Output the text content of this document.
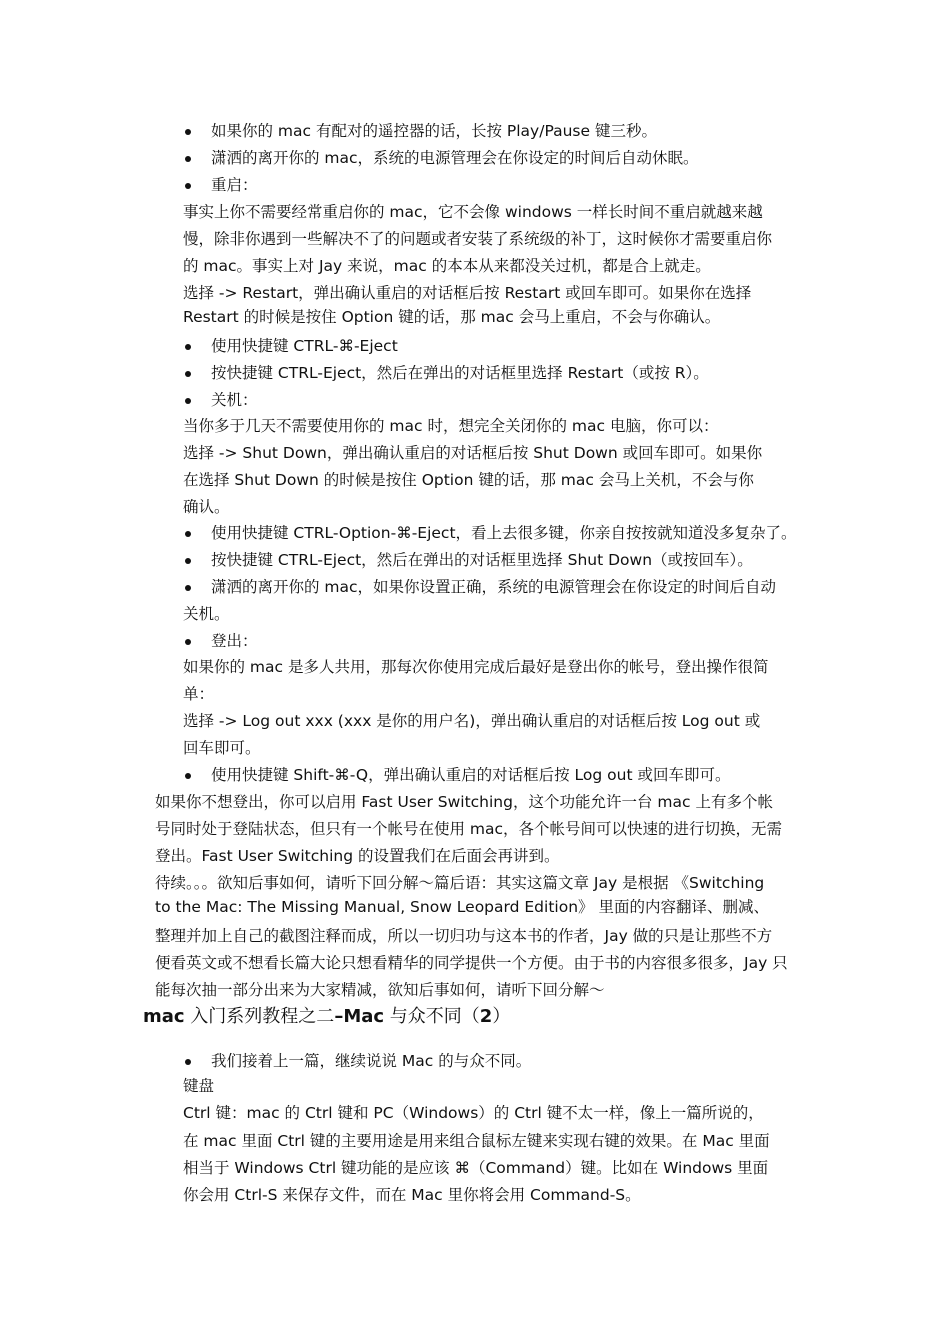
如果你的 mac 有配对的遥控器的话，长按 Play/Pause 键三秒。
潇洒的离开你的 mac，系统的电源管理会在你设定的时间后自动休眠。
重启：
事实上你不需要经常重启你的 mac，它不会像 windows 一样长时间不重启就越来越
慢，除非你遇到一些解决不了的问题或者安装了系统级的补丁，这时候你才需要重启你
的 mac。事实上对 Jay 来说，mac 的本本从来都没关过机，都是合上就走。
选择 -> Restart，弹出确认重启的对话框后按 Restart 或回车即可。如果你在选择
Restart 的时候是按住 Option 键的话，那 mac 会马上重启，不会与你确认。
使用快捷键 CTRL-⌘-Eject
按快捷键 CTRL-Eject，然后在弹出的对话框里选择 Restart（或按 R）。
关机：
当你多于几天不需要使用你的 mac 时，想完全关闭你的 mac 电脑，你可以：
选择 -> Shut Down，弹出确认重启的对话框后按 Shut Down 或回车即可。如果你
在选择 Shut Down 的时候是按住 Option 键的话，那 mac 会马上关机，不会与你
确认。
使用快捷键 CTRL-Option-⌘-Eject，看上去很多键，你亲自按按就知道没多复杂了。
按快捷键 CTRL-Eject，然后在弹出的对话框里选择 Shut Down（或按回车）。
潇洒的离开你的 mac，如果你设置正确，系统的电源管理会在你设定的时间后自动
关机。
登出：
如果你的 mac 是多人共用，那每次你使用完成后最好是登出你的帐号，登出操作很简
单：
选择 -> Log out xxx (xxx 是你的用户名)，弹出确认重启的对话框后按 Log out 或
回车即可。
使用快捷键 Shift-⌘-Q，弹出确认重启的对话框后按 Log out 或回车即可。
如果你不想登出，你可以启用 Fast User Switching，这个功能允许一台 mac 上有多个帐
号同时处于登陆状态，但只有一个帐号在使用 mac，各个帐号间可以快速的进行切换，无需
登出。Fast User Switching 的设置我们在后面会再讲到。
待续。。。欲知后事如何，请听下回分解～篇后语：其实这篇文章 Jay 是根据 《Switching
to the Mac: The Missing Manual, Snow Leopard Edition》 里面的内容翻译、删减、
整理并加上自己的截图注释而成，所以一切归功与这本书的作者，Jay 做的只是让那些不方
便看英文或不想看长篇大论只想看精华的同学提供一个方便。由于书的内容很多很多，Jay 只
能每次抽一部分出来为大家精减，欲知后事如何，请听下回分解～
mac 入门系列教程之二–Mac 与众不同（2）
我们接着上一篇，继续说说 Mac 的与众不同。
键盘
Ctrl 键：mac 的 Ctrl 键和 PC（Windows）的 Ctrl 键不太一样，像上一篇所说的，
在 mac 里面 Ctrl 键的主要用途是用来组合鼠标左键来实现右键的效果。在 Mac 里面
相当于 Windows Ctrl 键功能的是应该 ⌘（Command）键。比如在 Windows 里面
你会用 Ctrl-S 来保存文件，而在 Mac 里你将会用 Command-S。
